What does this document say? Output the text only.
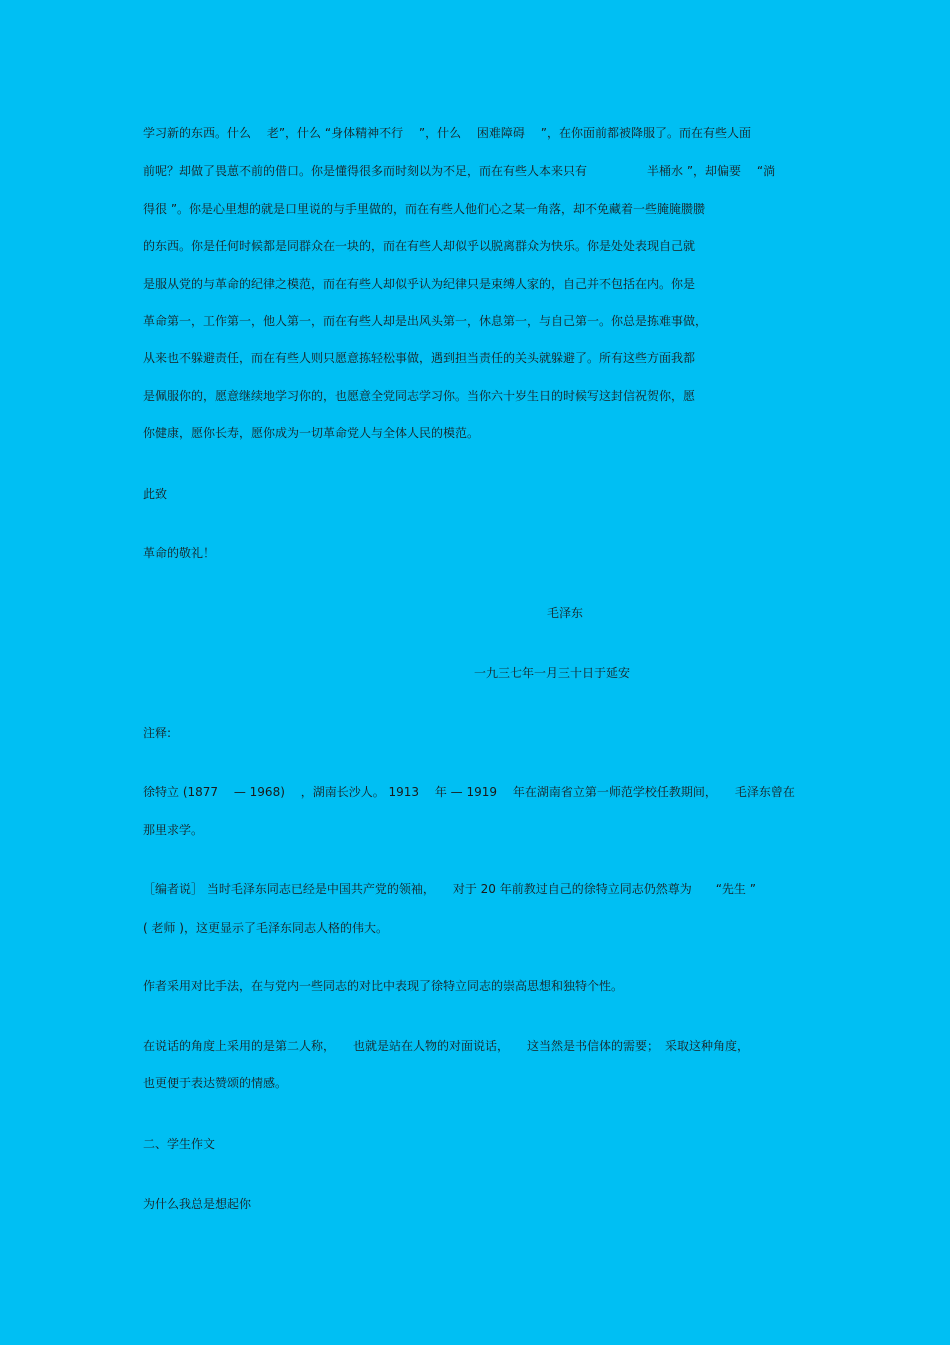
学习新的东西。什么 　老”，什么 “身体精神不行 　”，什么 　困难障碍 　”，在你面前都被降服了。而在有些人面
前呢？却做了畏葸不前的借口。你是懂得很多而时刻以为不足，而在有些人本来只有　　　　　半桶水 ”，却偏要 　“淌
得很 ”。你是心里想的就是口里说的与手里做的，而在有些人他们心之某一角落，却不免藏着一些腌腌臜臜
的东西。你是任何时候都是同群众在一块的，而在有些人却似乎以脱离群众为快乐。你是处处表现自己就
是服从党的与革命的纪律之模范，而在有些人却似乎认为纪律只是束缚人家的，自己并不包括在内。你是
革命第一，工作第一，他人第一，而在有些人却是出风头第一，休息第一，与自己第一。你总是拣难事做，
从来也不躲避责任，而在有些人则只愿意拣轻松事做，遇到担当责任的关头就躲避了。所有这些方面我都
是佩服你的，愿意继续地学习你的，也愿意全党同志学习你。当你六十岁生日的时候写这封信祝贺你，愿
你健康，愿你长寿，愿你成为一切革命党人与全体人民的模范。
此致
革命的敬礼！
毛泽东
一九三七年一月三十日于延安
注释:
徐特立 (1877 　— 1968) 　，湖南长沙人。 1913 　年 — 1919 　年在湖南省立第一师范学校任教期间，　　毛泽东曾在
那里求学。
［编者说］ 当时毛泽东同志已经是中国共产党的领袖，　　对于 20 年前教过自己的徐特立同志仍然尊为　　“先生 ”
( 老师 )，这更显示了毛泽东同志人格的伟大。
作者采用对比手法，在与党内一些同志的对比中表现了徐特立同志的崇高思想和独特个性。
在说话的角度上采用的是第二人称，　　也就是站在人物的对面说话，　　这当然是书信体的需要；　采取这种角度，
也更便于表达赞颂的情感。
二、学生作文
为什么我总是想起你
